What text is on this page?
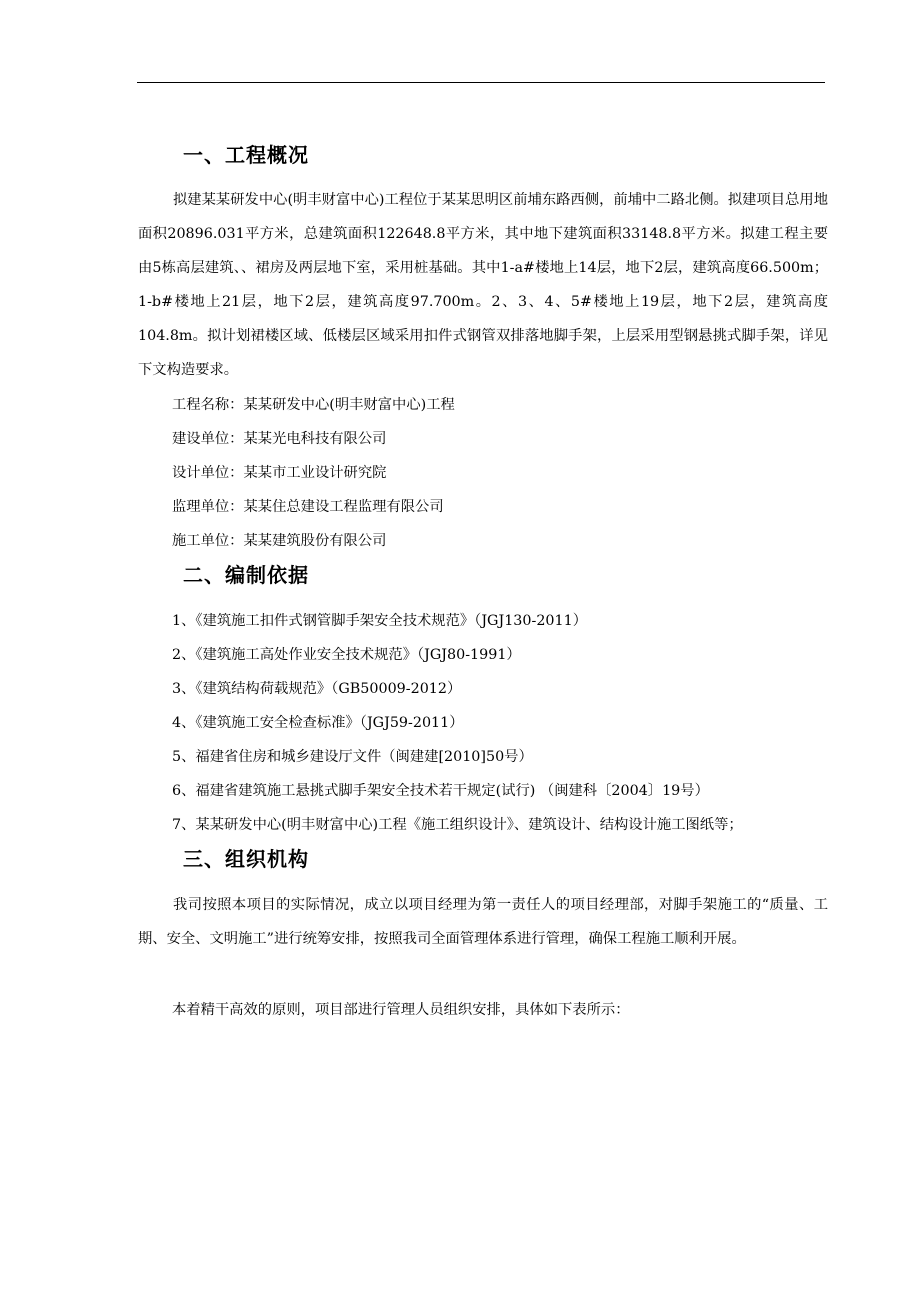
一、工程概况
拟建某某研发中心(明丰财富中心)工程位于某某思明区前埔东路西侧，前埔中二路北侧。拟建项目总用地面积20896.031平方米，总建筑面积122648.8平方米，其中地下建筑面积33148.8平方米。拟建工程主要由5栋高层建筑、、裙房及两层地下室，采用桩基础。其中1-a#楼地上14层，地下2层，建筑高度66.500m；1-b#楼地上21层，地下2层，建筑高度97.700m。2、3、4、5#楼地上19层，地下2层，建筑高度104.8m。拟计划裙楼区域、低楼层区域采用扣件式钢管双排落地脚手架，上层采用型钢悬挑式脚手架，详见下文构造要求。
工程名称：某某研发中心(明丰财富中心)工程
建设单位：某某光电科技有限公司
设计单位：某某市工业设计研究院
监理单位：某某住总建设工程监理有限公司
施工单位：某某建筑股份有限公司
二、编制依据
1、《建筑施工扣件式钢管脚手架安全技术规范》（JGJ130-2011）
2、《建筑施工高处作业安全技术规范》（JGJ80-1991）
3、《建筑结构荷载规范》（GB50009-2012）
4、《建筑施工安全检查标准》（JGJ59-2011）
5、福建省住房和城乡建设厅文件（闽建建[2010]50号）
6、福建省建筑施工悬挑式脚手架安全技术若干规定(试行) （闽建科〔2004〕19号）
7、某某研发中心(明丰财富中心)工程《施工组织设计》、建筑设计、结构设计施工图纸等；
三、组织机构
我司按照本项目的实际情况，成立以项目经理为第一责任人的项目经理部，对脚手架施工的“质量、工期、安全、文明施工”进行统筹安排，按照我司全面管理体系进行管理，确保工程施工顺利开展。
本着精干高效的原则，项目部进行管理人员组织安排，具体如下表所示：
